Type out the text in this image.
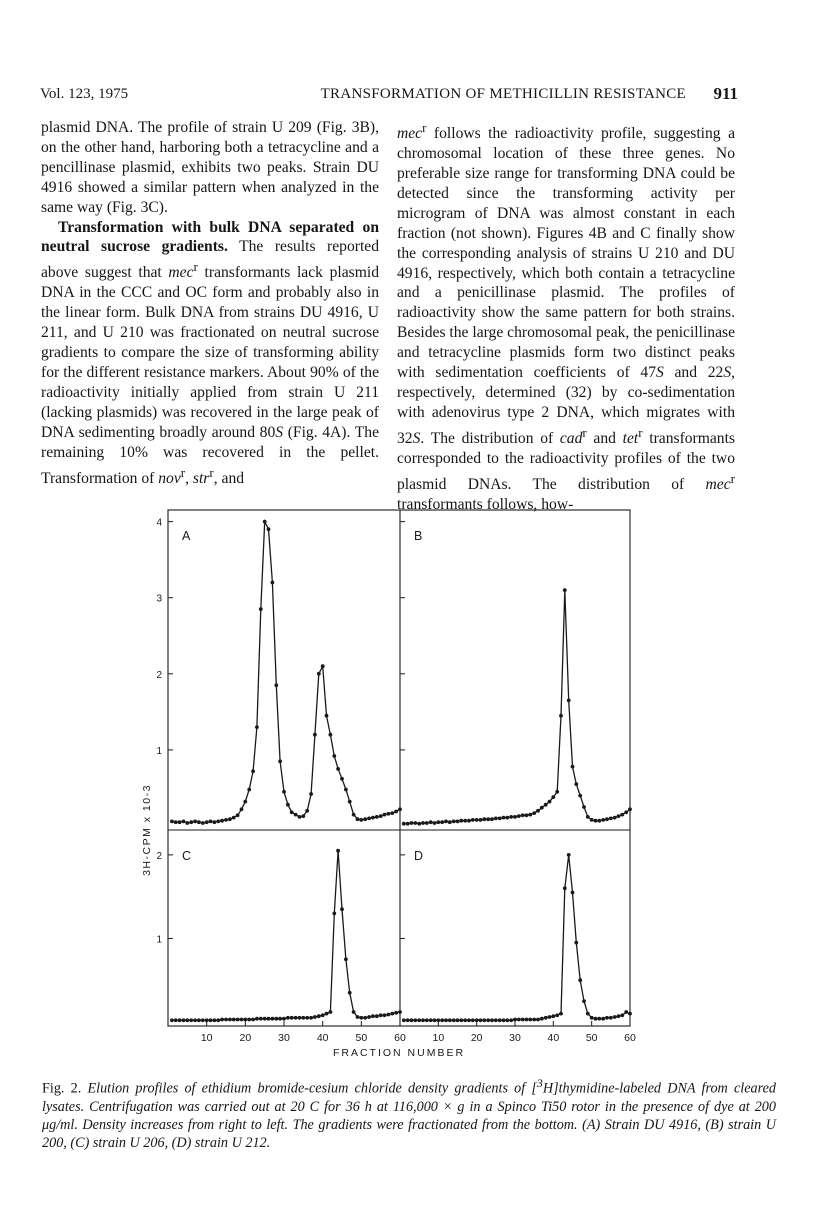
Vol. 123, 1975	TRANSFORMATION OF METHICILLIN RESISTANCE 911

plasmid DNA. The profile of strain U 209 (Fig. 3B), on the other hand, harboring both a tetracycline and a pencillinase plasmid, exhibits two peaks. Strain DU 4916 showed a similar pattern when analyzed in the same way (Fig. 3C).

Transformation with bulk DNA separated on neutral sucrose gradients. The results reported above suggest that mec$^r$ transformants lack plasmid DNA in the CCC and OC form and probably also in the linear form. Bulk DNA from strains DU 4916, U 211, and U 210 was fractionated on neutral sucrose gradients to compare the size of transforming ability for the different resistance markers. About 90% of the radioactivity initially applied from strain U 211 (lacking plasmids) was recovered in the large peak of DNA sedimenting broadly around 80S (Fig. 4A). The remaining 10% was recovered in the pellet. Transformation of nov$^r$, str$^r$, and

mec$^r$ follows the radioactivity profile, suggesting a chromosomal location of these three genes. No preferable size range for transforming DNA could be detected since the transforming activity per microgram of DNA was almost constant in each fraction (not shown). Figures 4B and C finally show the corresponding analysis of strains U 210 and DU 4916, respectively, which both contain a tetracycline and a penicillinase plasmid. The profiles of radioactivity show the same pattern for both strains. Besides the large chromosomal peak, the penicillinase and tetracycline plasmids form two distinct peaks with sedimentation coefficients of 47S and 22S, respectively, determined (32) by co-sedimentation with adenovirus type 2 DNA, which migrates with 32S. The distribution of cad$^r$ and tet$^r$ transformants corresponded to the radioactivity profiles of the two plasmid DNAs. The distribution of mec$^r$ transformants follows, how-

1
2
3
4
1
2
10	20	30	40	50	60	10	20	30	40	50	60
FRACTION NUMBER
3H-CPM x 10-3
A	B
C	D
Fig. 2. Elution profiles of ethidium bromide-cesium chloride density gradients of [$^3$H]thymidine-labeled DNA from cleared lysates. Centrifugation was carried out at 20 C for 36 h at 116,000 × g in a Spinco Ti50 rotor in the presence of dye at 200 μg/ml. Density increases from right to left. The gradients were fractionated from the bottom. (A) Strain DU 4916, (B) strain U 200, (C) strain U 206, (D) strain U 212.
